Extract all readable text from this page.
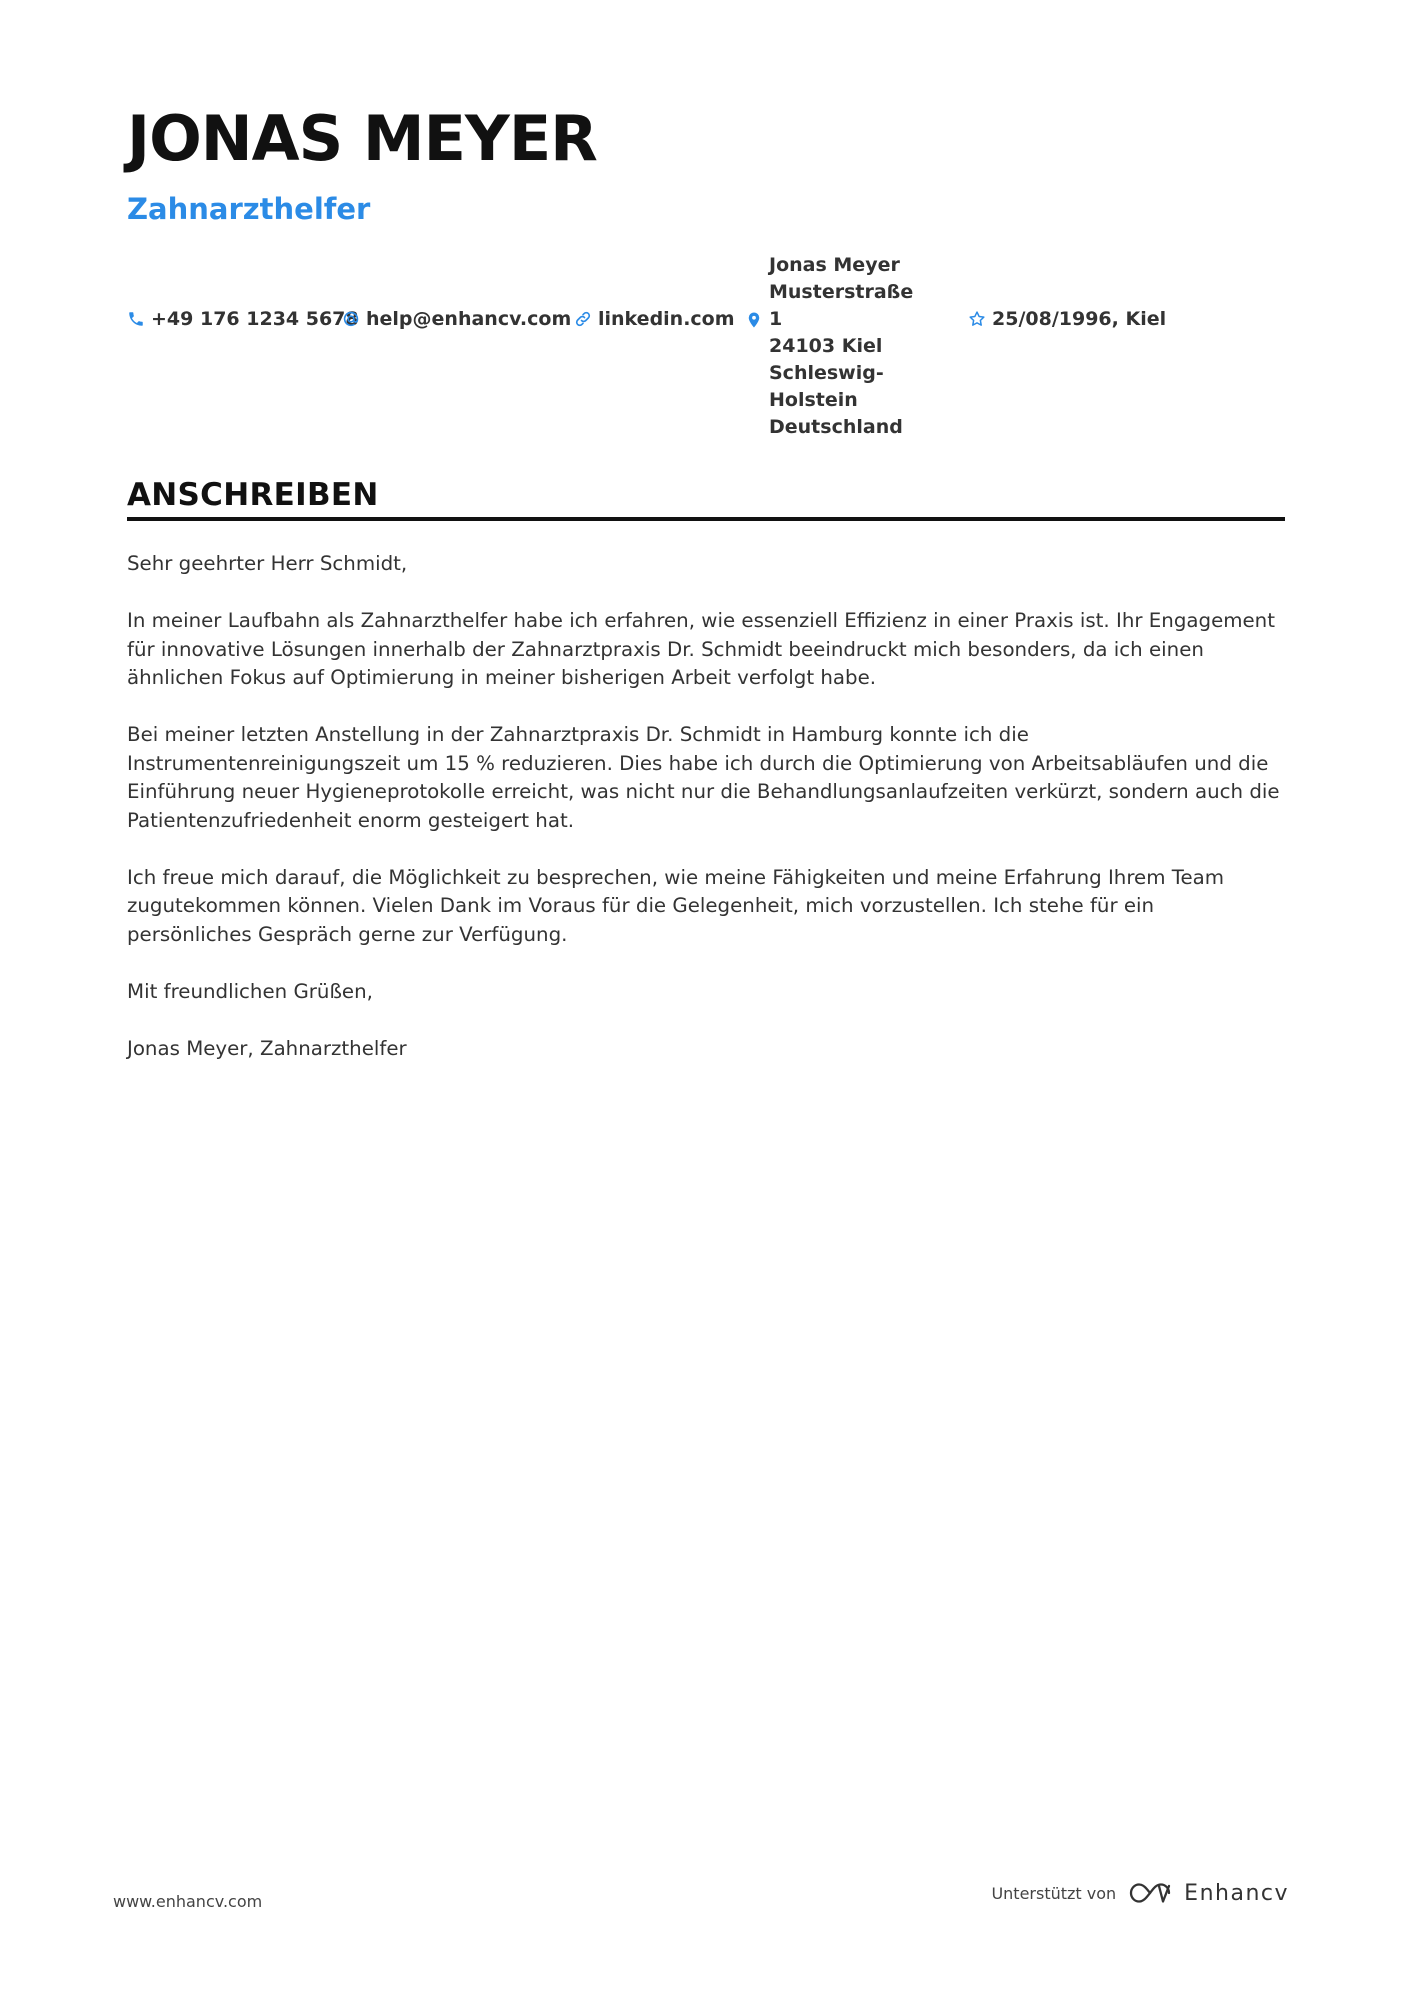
JONAS MEYER
Zahnarzthelfer
+49 176 1234 5678 help@enhancv.com linkedin.com
Jonas Meyer
Musterstraße 1
24103 Kiel
Schleswig-Holstein
Deutschland
25/08/1996, Kiel
ANSCHREIBEN

Sehr geehrter Herr Schmidt,

In meiner Laufbahn als Zahnarzthelfer habe ich erfahren, wie essenziell Effizienz in einer Praxis ist. Ihr Engagement für innovative Lösungen innerhalb der Zahnarztpraxis Dr. Schmidt beeindruckt mich besonders, da ich einen ähnlichen Fokus auf Optimierung in meiner bisherigen Arbeit verfolgt habe.

Bei meiner letzten Anstellung in der Zahnarztpraxis Dr. Schmidt in Hamburg konnte ich die Instrumentenreinigungszeit um 15 % reduzieren. Dies habe ich durch die Optimierung von Arbeitsabläufen und die Einführung neuer Hygieneprotokolle erreicht, was nicht nur die Behandlungsanlaufzeiten verkürzt, sondern auch die Patientenzufriedenheit enorm gesteigert hat.

Ich freue mich darauf, die Möglichkeit zu besprechen, wie meine Fähigkeiten und meine Erfahrung Ihrem Team zugutekommen können. Vielen Dank im Voraus für die Gelegenheit, mich vorzustellen. Ich stehe für ein persönliches Gespräch gerne zur Verfügung.

Mit freundlichen Grüßen,

Jonas Meyer, Zahnarzthelfer

www.enhancv.com	Unterstützt von	Enhancv
